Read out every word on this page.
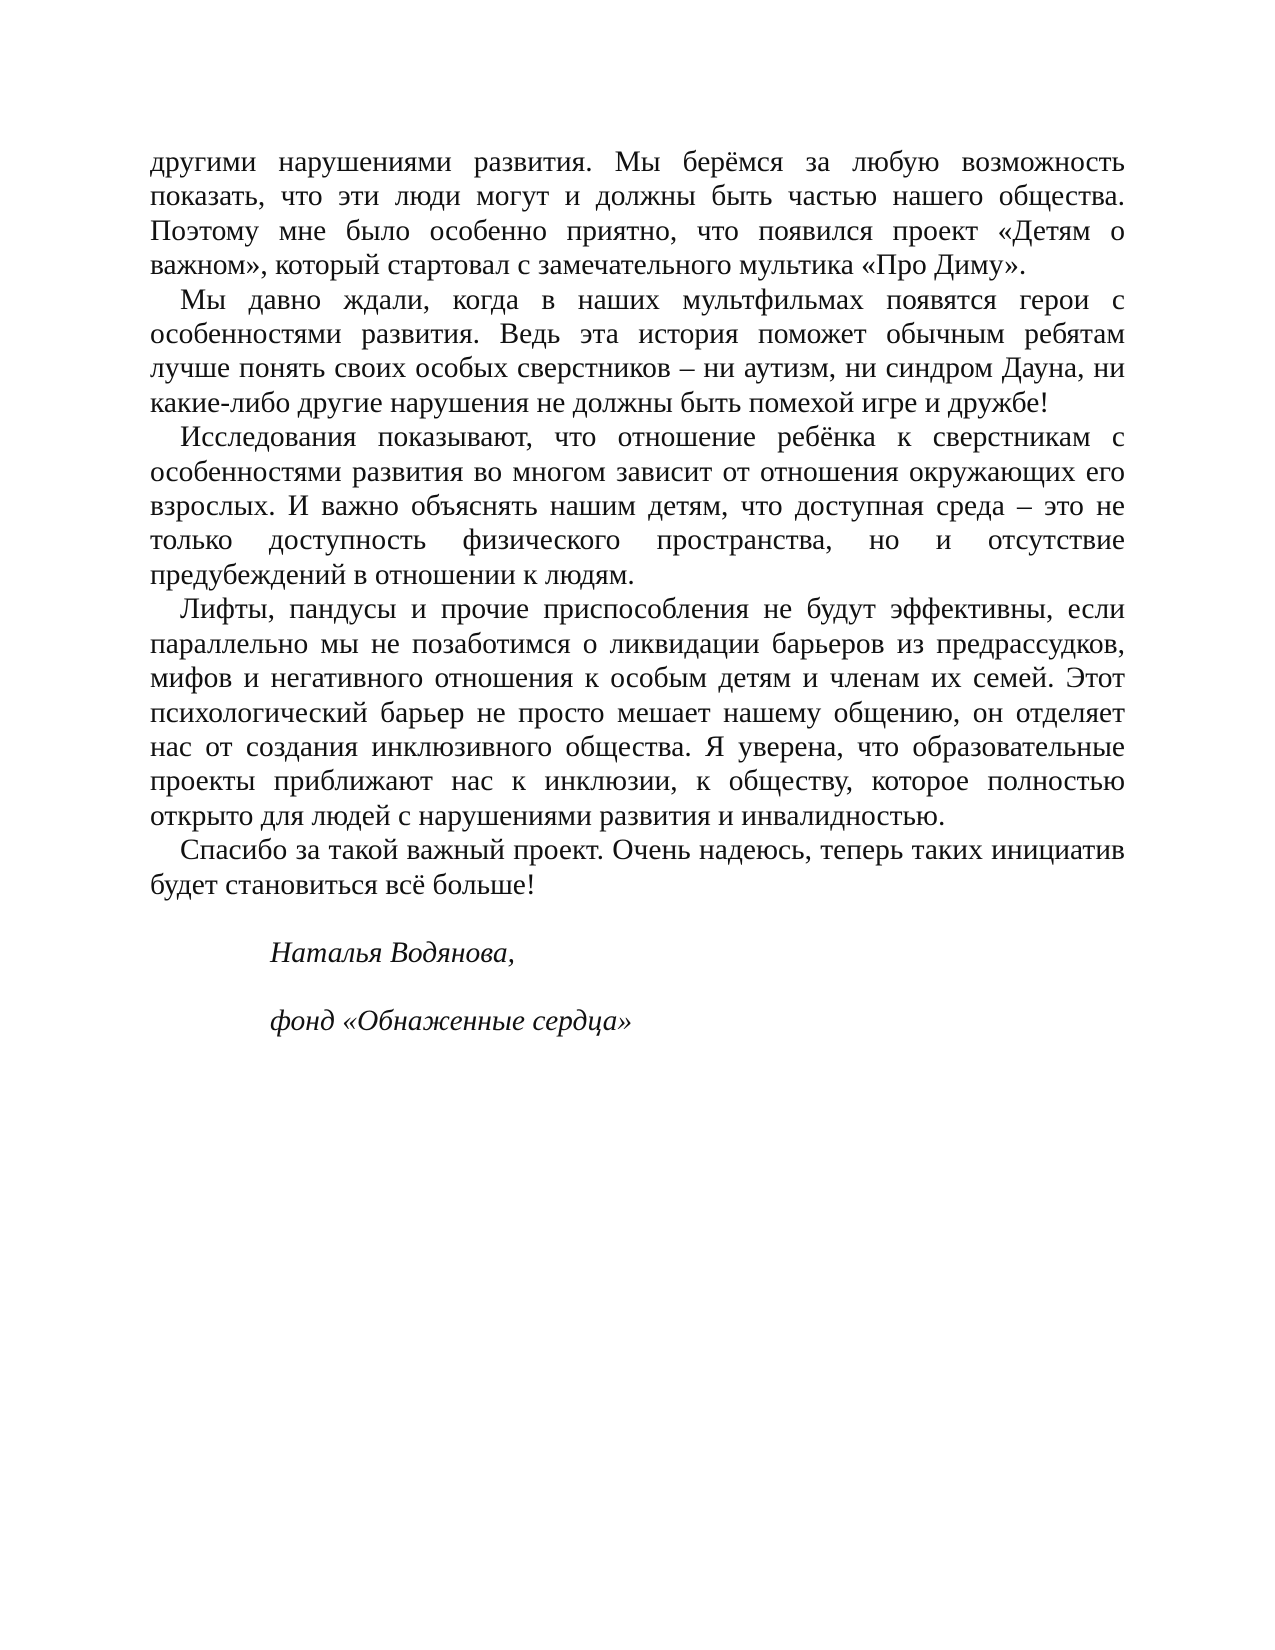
другими нарушениями развития. Мы берёмся за любую возможность показать, что эти люди могут и должны быть частью нашего общества. Поэтому мне было особенно приятно, что появился проект «Детям о важном», который стартовал с замечательного мультика «Про Диму».

Мы давно ждали, когда в наших мультфильмах появятся герои с особенностями развития. Ведь эта история поможет обычным ребятам лучше понять своих особых сверстников – ни аутизм, ни синдром Дауна, ни какие-либо другие нарушения не должны быть помехой игре и дружбе!

Исследования показывают, что отношение ребёнка к сверстникам с особенностями развития во многом зависит от отношения окружающих его взрослых. И важно объяснять нашим детям, что доступная среда – это не только доступность физического пространства, но и отсутствие предубеждений в отношении к людям.

Лифты, пандусы и прочие приспособления не будут эффективны, если параллельно мы не позаботимся о ликвидации барьеров из предрассудков, мифов и негативного отношения к особым детям и членам их семей. Этот психологический барьер не просто мешает нашему общению, он отделяет нас от создания инклюзивного общества. Я уверена, что образовательные проекты приближают нас к инклюзии, к обществу, которое полностью открыто для людей с нарушениями развития и инвалидностью.

Спасибо за такой важный проект. Очень надеюсь, теперь таких инициатив будет становиться всё больше!

Наталья Водянова,

фонд «Обнаженные сердца»
